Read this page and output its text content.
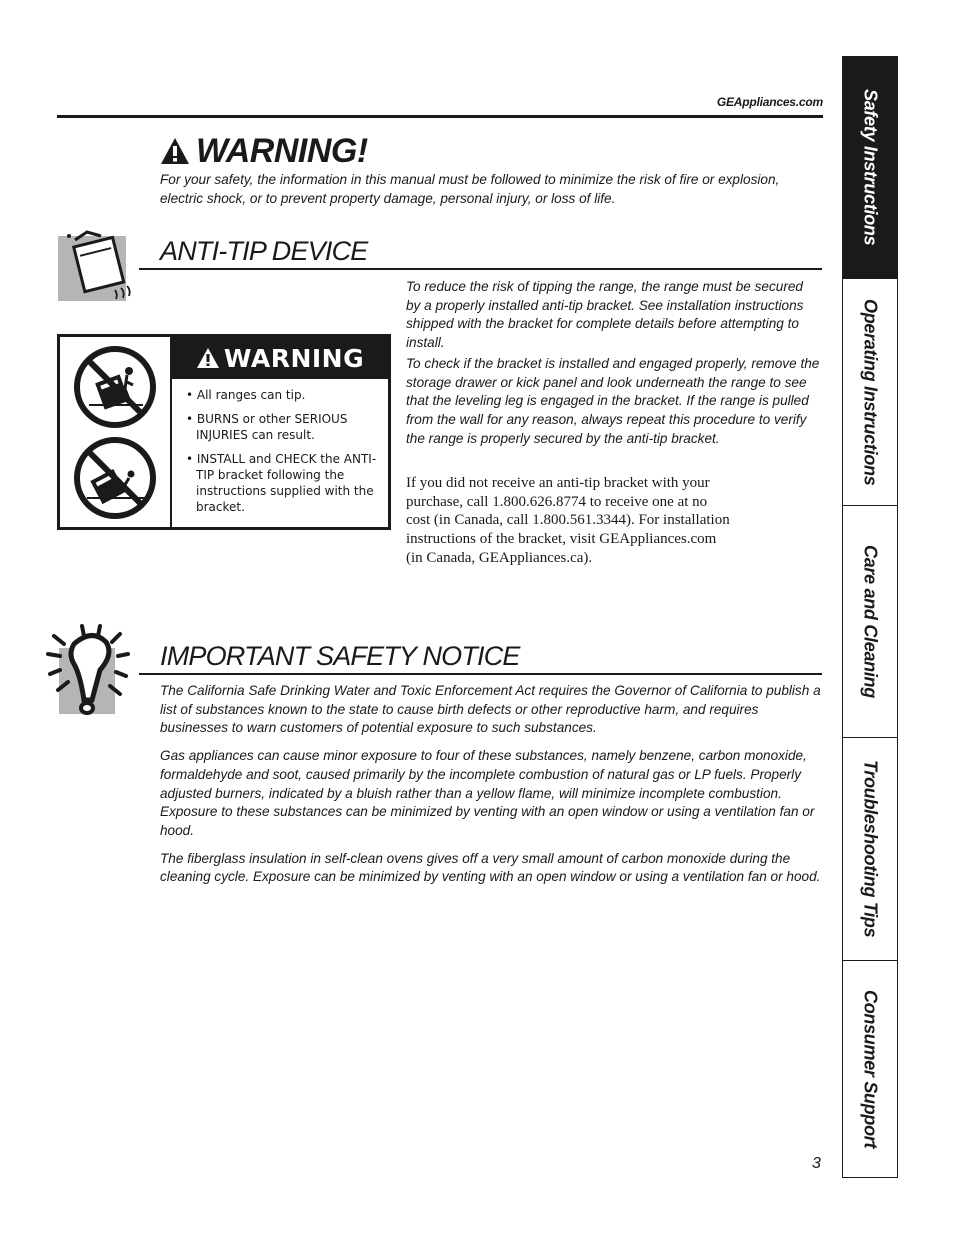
GEAppliances.com
WARNING!
For your safety, the information in this manual must be followed to minimize the risk of fire or explosion, electric shock, or to prevent property damage, personal injury, or loss of life.
ANTI-TIP DEVICE

To reduce the risk of tipping the range, the range must be secured by a properly installed anti-tip bracket. See installation instructions shipped with the bracket for complete details before attempting to install.

To check if the bracket is installed and engaged properly, remove the storage drawer or kick panel and look underneath the range to see that the leveling leg is engaged in the bracket. If the range is pulled from the wall for any reason, always repeat this procedure to verify the range is properly secured by the anti-tip bracket.

If you did not receive an anti-tip bracket with your
purchase, call 1.800.626.8774 to receive one at no
cost (in Canada, call 1.800.561.3344). For installation
instructions of the bracket, visit GEAppliances.com
(in Canada, GEAppliances.ca).
WARNING
• All ranges can tip.
• BURNS or other SERIOUS INJURIES can result.
• INSTALL and CHECK the ANTI-TIP bracket following the instructions supplied with the bracket.
IMPORTANT SAFETY NOTICE

The California Safe Drinking Water and Toxic Enforcement Act requires the Governor of California to publish a list of substances known to the state to cause birth defects or other reproductive harm, and requires businesses to warn customers of potential exposure to such substances.

Gas appliances can cause minor exposure to four of these substances, namely benzene, carbon monoxide, formaldehyde and soot, caused primarily by the incomplete combustion of natural gas or LP fuels. Properly adjusted burners, indicated by a bluish rather than a yellow flame, will minimize incomplete combustion. Exposure to these substances can be minimized by venting with an open window or using a ventilation fan or hood.

The fiberglass insulation in self-clean ovens gives off a very small amount of carbon monoxide during the cleaning cycle. Exposure can be minimized by venting with an open window or using a ventilation fan or hood.

Safety Instructions
Operating Instructions
Care and Cleaning
Troubleshooting Tips
Consumer Support
3
